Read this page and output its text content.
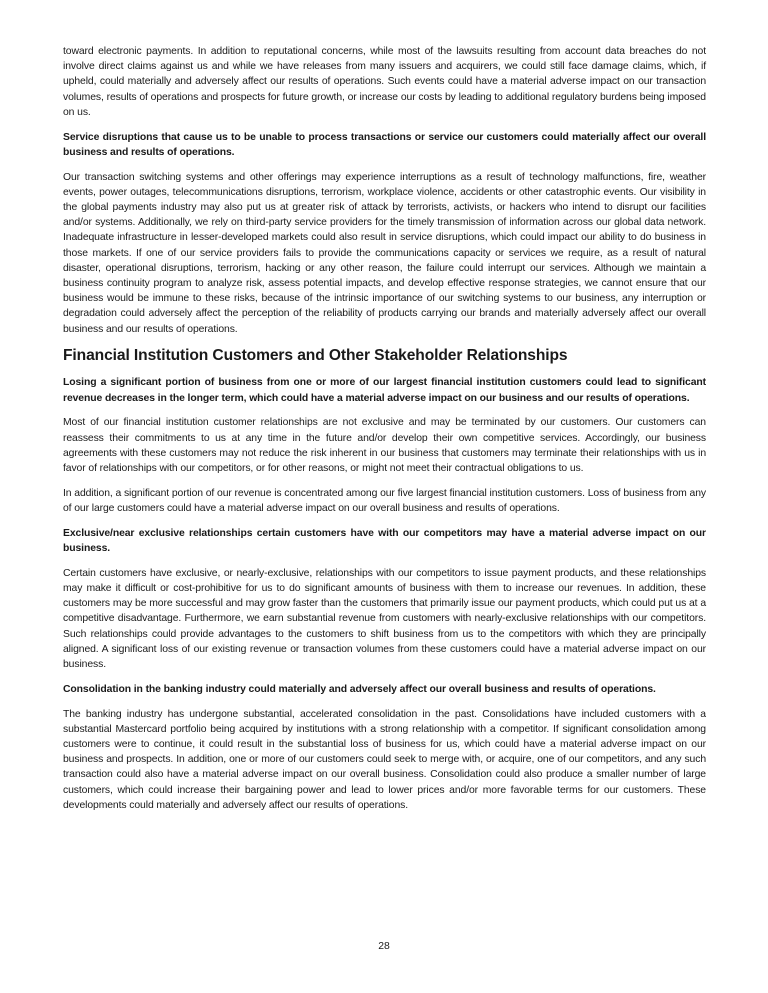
toward electronic payments. In addition to reputational concerns, while most of the lawsuits resulting from account data breaches do not involve direct claims against us and while we have releases from many issuers and acquirers, we could still face damage claims, which, if upheld, could materially and adversely affect our results of operations. Such events could have a material adverse impact on our transaction volumes, results of operations and prospects for future growth, or increase our costs by leading to additional regulatory burdens being imposed on us.

Service disruptions that cause us to be unable to process transactions or service our customers could materially affect our overall business and results of operations.

Our transaction switching systems and other offerings may experience interruptions as a result of technology malfunctions, fire, weather events, power outages, telecommunications disruptions, terrorism, workplace violence, accidents or other catastrophic events. Our visibility in the global payments industry may also put us at greater risk of attack by terrorists, activists, or hackers who intend to disrupt our facilities and/or systems. Additionally, we rely on third-party service providers for the timely transmission of information across our global data network. Inadequate infrastructure in lesser-developed markets could also result in service disruptions, which could impact our ability to do business in those markets. If one of our service providers fails to provide the communications capacity or services we require, as a result of natural disaster, operational disruptions, terrorism, hacking or any other reason, the failure could interrupt our services. Although we maintain a business continuity program to analyze risk, assess potential impacts, and develop effective response strategies, we cannot ensure that our business would be immune to these risks, because of the intrinsic importance of our switching systems to our business, any interruption or degradation could adversely affect the perception of the reliability of products carrying our brands and materially adversely affect our overall business and our results of operations.

Financial Institution Customers and Other Stakeholder Relationships

Losing a significant portion of business from one or more of our largest financial institution customers could lead to significant revenue decreases in the longer term, which could have a material adverse impact on our business and our results of operations.

Most of our financial institution customer relationships are not exclusive and may be terminated by our customers. Our customers can reassess their commitments to us at any time in the future and/or develop their own competitive services. Accordingly, our business agreements with these customers may not reduce the risk inherent in our business that customers may terminate their relationships with us in favor of relationships with our competitors, or for other reasons, or might not meet their contractual obligations to us.

In addition, a significant portion of our revenue is concentrated among our five largest financial institution customers. Loss of business from any of our large customers could have a material adverse impact on our overall business and results of operations.

Exclusive/near exclusive relationships certain customers have with our competitors may have a material adverse impact on our business.

Certain customers have exclusive, or nearly-exclusive, relationships with our competitors to issue payment products, and these relationships may make it difficult or cost-prohibitive for us to do significant amounts of business with them to increase our revenues. In addition, these customers may be more successful and may grow faster than the customers that primarily issue our payment products, which could put us at a competitive disadvantage. Furthermore, we earn substantial revenue from customers with nearly-exclusive relationships with our competitors. Such relationships could provide advantages to the customers to shift business from us to the competitors with which they are principally aligned. A significant loss of our existing revenue or transaction volumes from these customers could have a material adverse impact on our business.

Consolidation in the banking industry could materially and adversely affect our overall business and results of operations.

The banking industry has undergone substantial, accelerated consolidation in the past. Consolidations have included customers with a substantial Mastercard portfolio being acquired by institutions with a strong relationship with a competitor. If significant consolidation among customers were to continue, it could result in the substantial loss of business for us, which could have a material adverse impact on our business and prospects. In addition, one or more of our customers could seek to merge with, or acquire, one of our competitors, and any such transaction could also have a material adverse impact on our overall business. Consolidation could also produce a smaller number of large customers, which could increase their bargaining power and lead to lower prices and/or more favorable terms for our customers. These developments could materially and adversely affect our results of operations.

28
